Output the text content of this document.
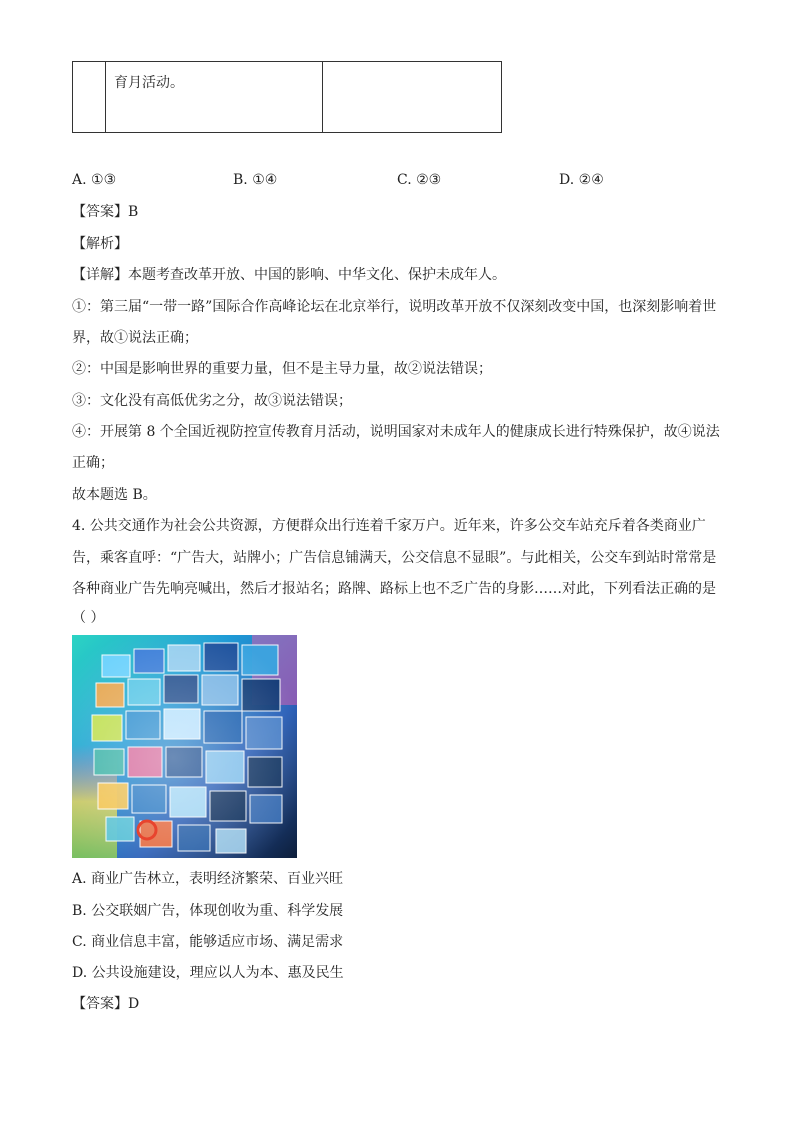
	育月活动。	
A. ①③	B. ①④	C. ②③	D. ②④
【答案】B
【解析】
【详解】本题考查改革开放、中国的影响、中华文化、保护未成年人。
①：第三届“一带一路”国际合作高峰论坛在北京举行，说明改革开放不仅深刻改变中国，也深刻影响着世
界，故①说法正确；
②：中国是影响世界的重要力量，但不是主导力量，故②说法错误；
③：文化没有高低优劣之分，故③说法错误；
④：开展第 8 个全国近视防控宣传教育月活动，说明国家对未成年人的健康成长进行特殊保护，故④说法
正确；
故本题选 B。
4. 公共交通作为社会公共资源，方便群众出行连着千家万户。近年来，许多公交车站充斥着各类商业广
告，乘客直呼：“广告大，站牌小；广告信息铺满天，公交信息不显眼”。与此相关，公交车到站时常常是
各种商业广告先响亮喊出，然后才报站名；路牌、路标上也不乏广告的身影……对此，下列看法正确的是
（ ）
A. 商业广告林立，表明经济繁荣、百业兴旺
B. 公交联姻广告，体现创收为重、科学发展
C. 商业信息丰富，能够适应市场、满足需求
D. 公共设施建设，理应以人为本、惠及民生
【答案】D
